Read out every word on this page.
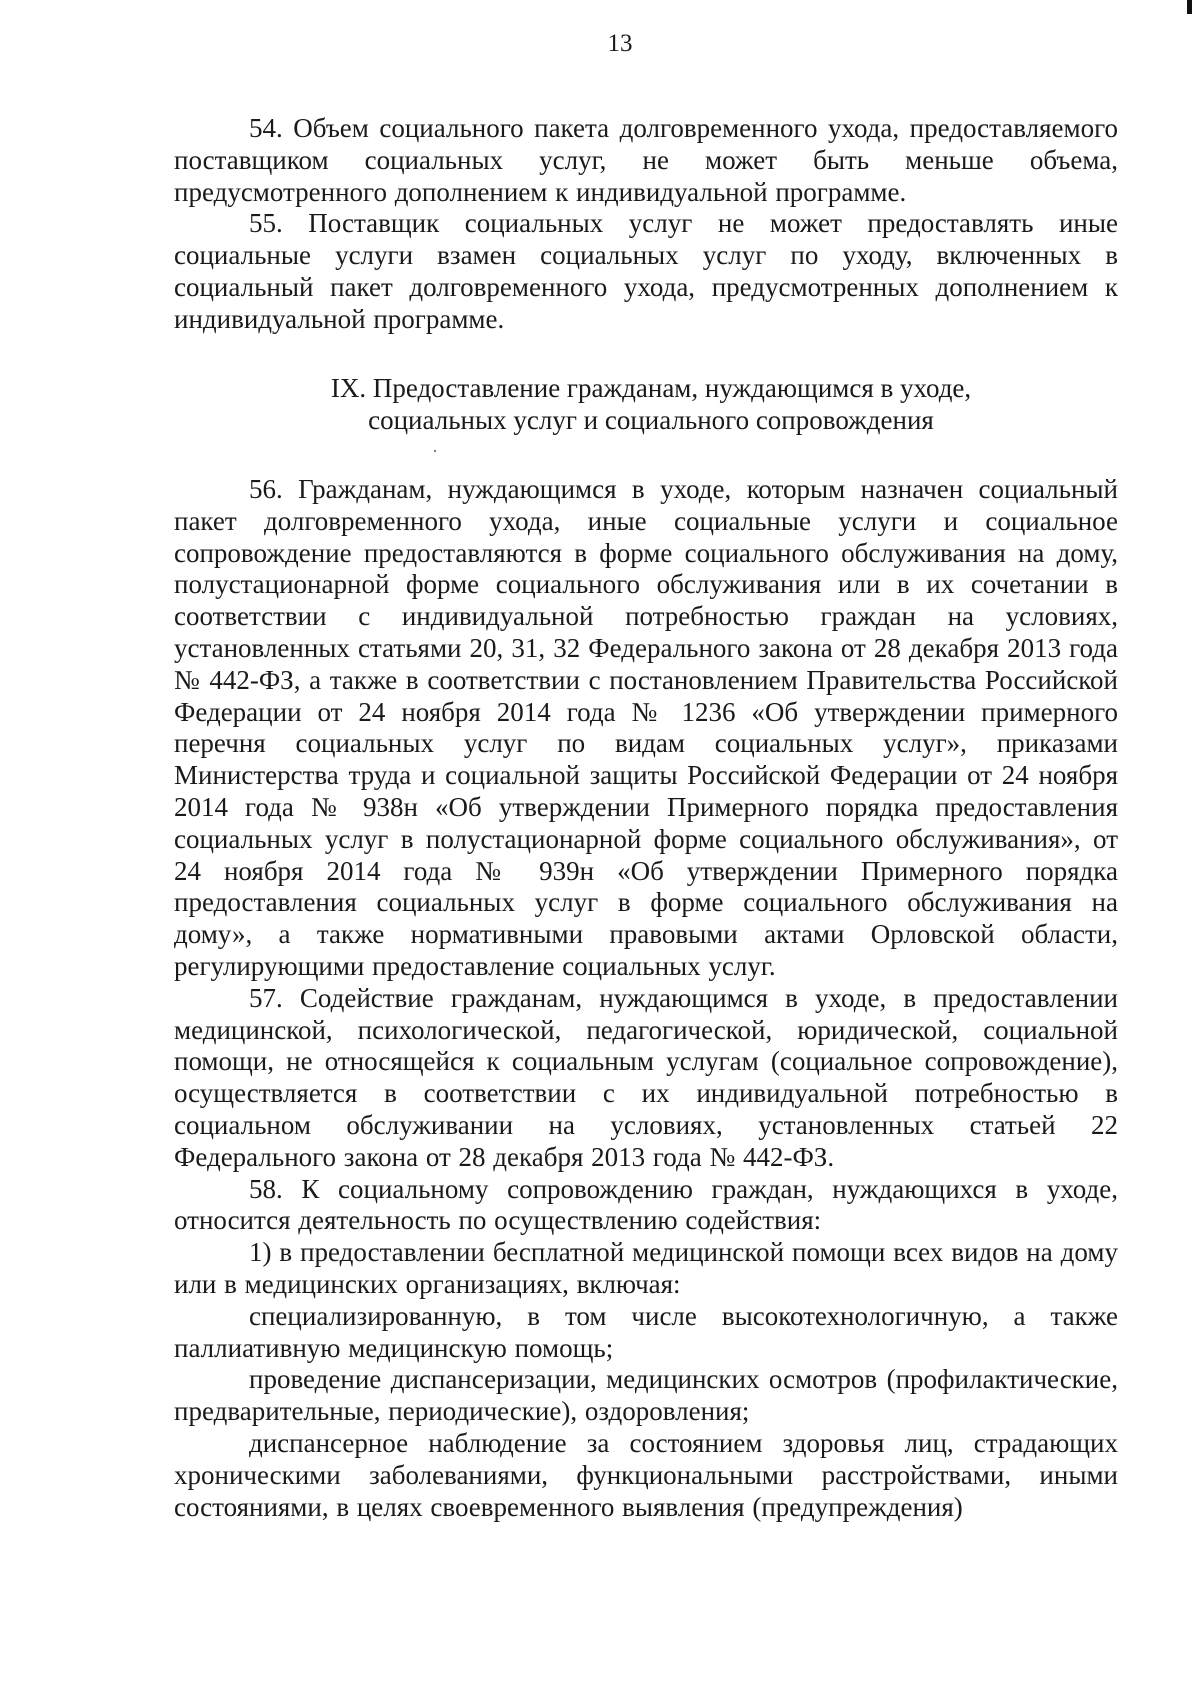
13

54. Объем социального пакета долговременного ухода, предоставляемого поставщиком социальных услуг, не может быть меньше объема, предусмотренного дополнением к индивидуальной программе.

55. Поставщик социальных услуг не может предоставлять иные социальные услуги взамен социальных услуг по уходу, включенных в социальный пакет долговременного ухода, предусмотренных дополнением к индивидуальной программе.

IX. Предоставление гражданам, нуждающимся в уходе,
социальных услуг и социального сопровождения

56. Гражданам, нуждающимся в уходе, которым назначен социальный пакет долговременного ухода, иные социальные услуги и социальное сопровождение предоставляются в форме социального обслуживания на дому, полустационарной форме социального обслуживания или в их сочетании в соответствии с индивидуальной потребностью граждан на условиях, установленных статьями 20, 31, 32 Федерального закона от 28 декабря 2013 года № 442-ФЗ, а также в соответствии с постановлением Правительства Российской Федерации от 24 ноября 2014 года № 1236 «Об утверждении примерного перечня социальных услуг по видам социальных услуг», приказами Министерства труда и социальной защиты Российской Федерации от 24 ноября 2014 года № 938н «Об утверждении Примерного порядка предоставления социальных услуг в полустационарной форме социального обслуживания», от 24 ноября 2014 года № 939н «Об утверждении Примерного порядка предоставления социальных услуг в форме социального обслуживания на дому», а также нормативными правовыми актами Орловской области, регулирующими предоставление социальных услуг.

57. Содействие гражданам, нуждающимся в уходе, в предоставлении медицинской, психологической, педагогической, юридической, социальной помощи, не относящейся к социальным услугам (социальное сопровождение), осуществляется в соответствии с их индивидуальной потребностью в социальном обслуживании на условиях, установленных статьей 22 Федерального закона от 28 декабря 2013 года № 442-ФЗ.

58. К социальному сопровождению граждан, нуждающихся в уходе, относится деятельность по осуществлению содействия:

1) в предоставлении бесплатной медицинской помощи всех видов на дому или в медицинских организациях, включая:

специализированную, в том числе высокотехнологичную, а также паллиативную медицинскую помощь;

проведение диспансеризации, медицинских осмотров (профилактические, предварительные, периодические), оздоровления;

диспансерное наблюдение за состоянием здоровья лиц, страдающих хроническими заболеваниями, функциональными расстройствами, иными состояниями, в целях своевременного выявления (предупреждения)
